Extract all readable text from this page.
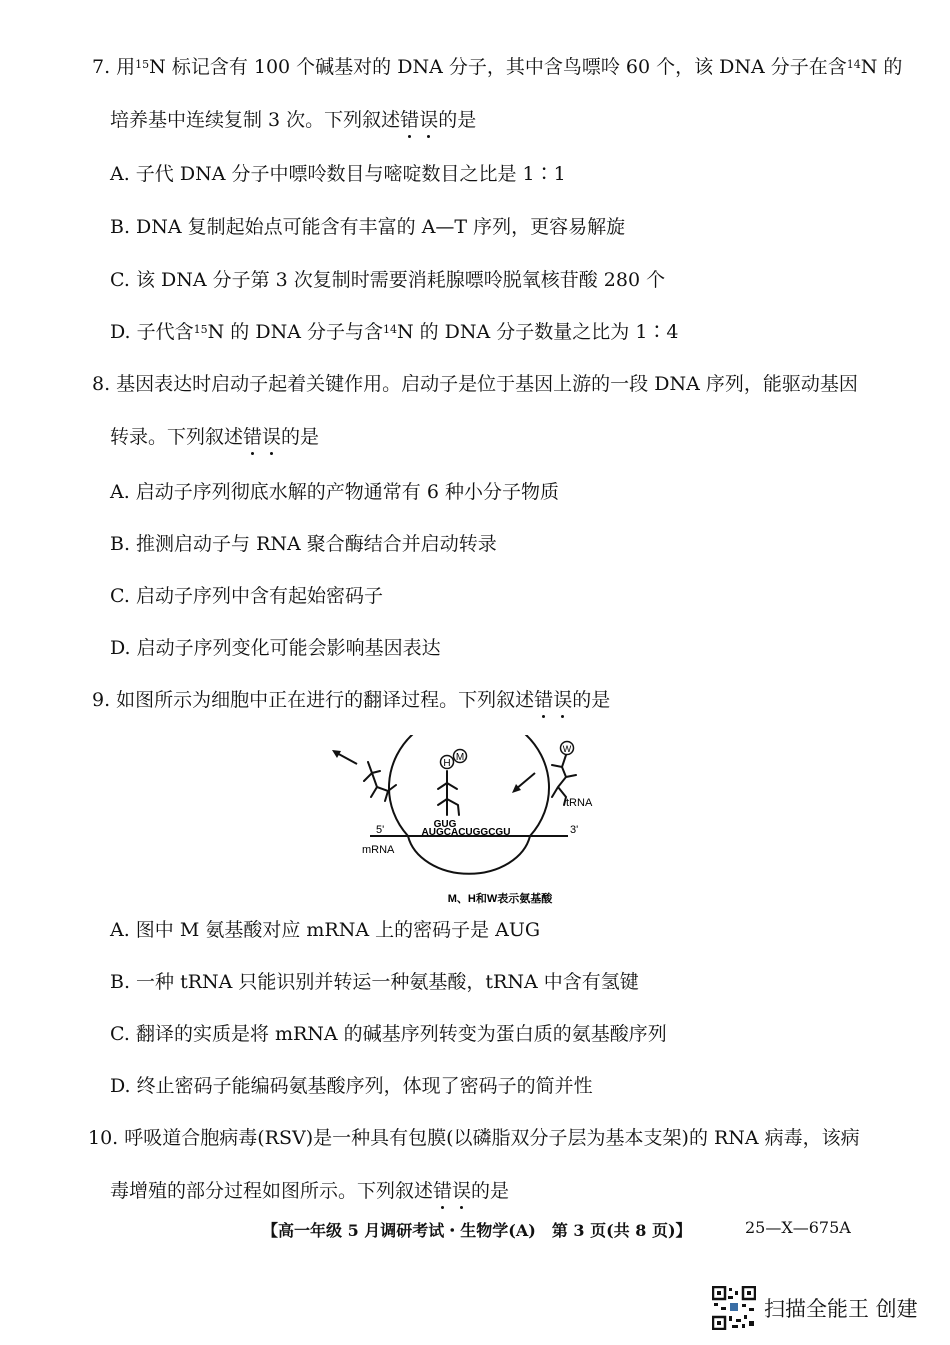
7. 用$^{15}$N 标记含有 100 个碱基对的 DNA 分子，其中含鸟嘌呤 60 个，该 DNA 分子在含$^{14}$N 的
培养基中连续复制 3 次。下列叙述错误的是
A. 子代 DNA 分子中嘌呤数目与嘧啶数目之比是 1∶1
B. DNA 复制起始点可能含有丰富的 A—T 序列，更容易解旋
C. 该 DNA 分子第 3 次复制时需要消耗腺嘌呤脱氧核苷酸 280 个
D. 子代含$^{15}$N 的 DNA 分子与含$^{14}$N 的 DNA 分子数量之比为 1∶4
8. 基因表达时启动子起着关键作用。启动子是位于基因上游的一段 DNA 序列，能驱动基因
转录。下列叙述错误的是
A. 启动子序列彻底水解的产物通常有 6 种小分子物质
B. 推测启动子与 RNA 聚合酶结合并启动转录
C. 启动子序列中含有起始密码子
D. 启动子序列变化可能会影响基因表达
9. 如图所示为细胞中正在进行的翻译过程。下列叙述错误的是
H
M
W
tRNA
GUG
AUGCACUGGCGU
5'	3'
mRNA
M、H和W表示氨基酸
A. 图中 M 氨基酸对应 mRNA 上的密码子是 AUG
B. 一种 tRNA 只能识别并转运一种氨基酸，tRNA 中含有氢键
C. 翻译的实质是将 mRNA 的碱基序列转变为蛋白质的氨基酸序列
D. 终止密码子能编码氨基酸序列，体现了密码子的简并性
10. 呼吸道合胞病毒(RSV)是一种具有包膜(以磷脂双分子层为基本支架)的 RNA 病毒，该病
毒增殖的部分过程如图所示。下列叙述错误的是
【高一年级 5 月调研考试・生物学(A)　第 3 页(共 8 页)】	25—X—675A
扫描全能王 创建
